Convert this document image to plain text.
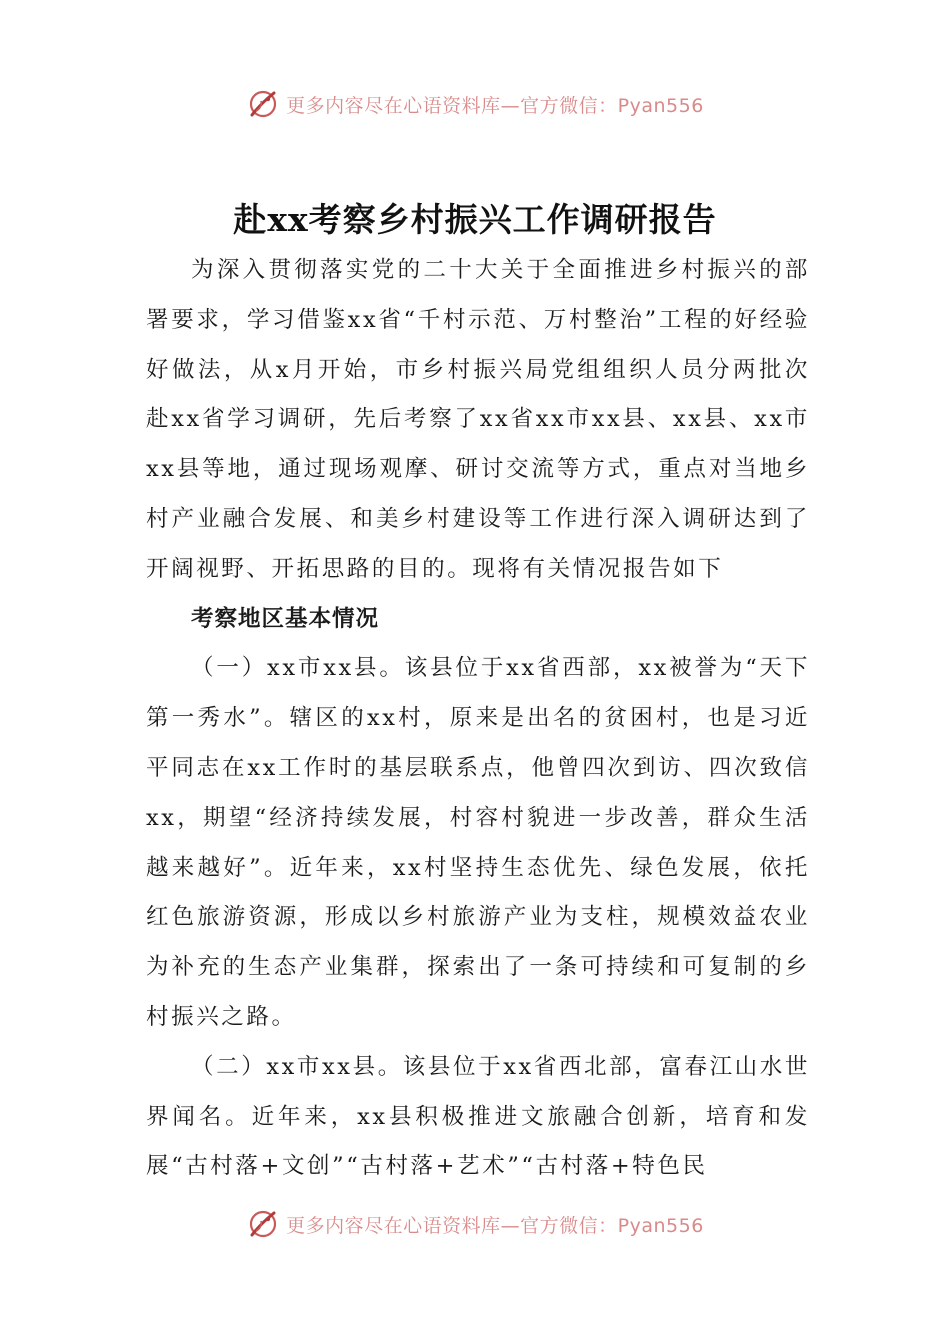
更多内容尽在心语资料库—官方微信：Pyan556
赴xx考察乡村振兴工作调研报告

为深入贯彻落实党的二十大关于全面推进乡村振兴的部署要求，学习借鉴xx省“千村示范、万村整治”工程的好经验好做法，从x月开始，市乡村振兴局党组组织人员分两批次赴xx省学习调研，先后考察了xx省xx市xx县、xx县、xx市xx县等地，通过现场观摩、研讨交流等方式，重点对当地乡村产业融合发展、和美乡村建设等工作进行深入调研达到了开阔视野、开拓思路的目的。现将有关情况报告如下

考察地区基本情况

（一）xx市xx县。该县位于xx省西部，xx被誉为“天下第一秀水”。辖区的xx村，原来是出名的贫困村，也是习近平同志在xx工作时的基层联系点，他曾四次到访、四次致信xx，期望“经济持续发展，村容村貌进一步改善，群众生活越来越好”。近年来，xx村坚持生态优先、绿色发展，依托红色旅游资源，形成以乡村旅游产业为支柱，规模效益农业为补充的生态产业集群，探索出了一条可持续和可复制的乡村振兴之路。

（二）xx市xx县。该县位于xx省西北部，富春江山水世界闻名。近年来，xx县积极推进文旅融合创新，培育和发展“古村落+文创”“古村落+艺术”“古村落+特色民

更多内容尽在心语资料库—官方微信：Pyan556
